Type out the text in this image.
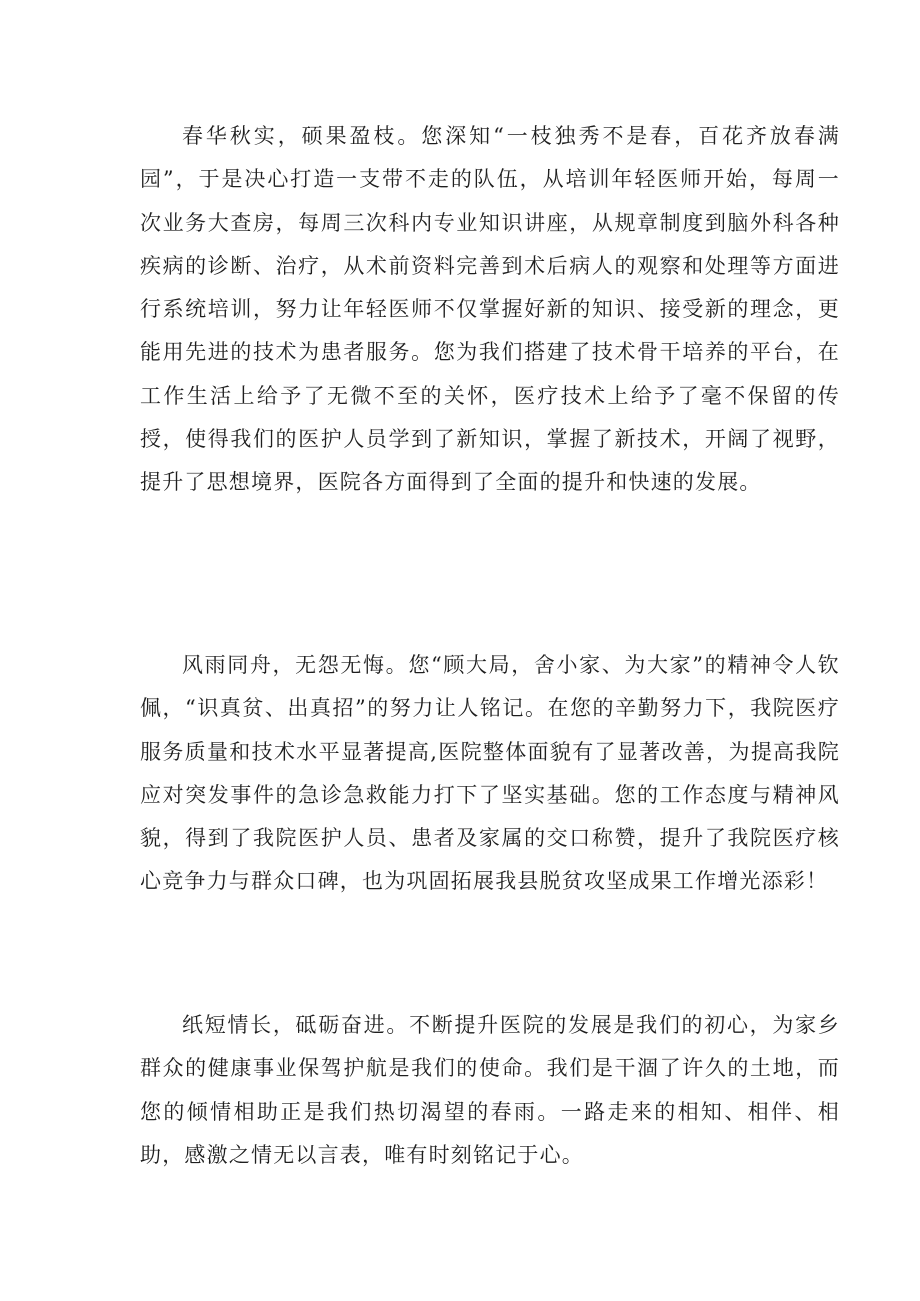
春华秋实，硕果盈枝。您深知“一枝独秀不是春，百花齐放春满园”，于是决心打造一支带不走的队伍，从培训年轻医师开始，每周一次业务大查房，每周三次科内专业知识讲座，从规章制度到脑外科各种疾病的诊断、治疗，从术前资料完善到术后病人的观察和处理等方面进行系统培训，努力让年轻医师不仅掌握好新的知识、接受新的理念，更能用先进的技术为患者服务。您为我们搭建了技术骨干培养的平台，在工作生活上给予了无微不至的关怀，医疗技术上给予了毫不保留的传授，使得我们的医护人员学到了新知识，掌握了新技术，开阔了视野，提升了思想境界，医院各方面得到了全面的提升和快速的发展。

风雨同舟，无怨无悔。您“顾大局，舍小家、为大家”的精神令人钦佩，“识真贫、出真招”的努力让人铭记。在您的辛勤努力下，我院医疗服务质量和技术水平显著提高,医院整体面貌有了显著改善，为提高我院应对突发事件的急诊急救能力打下了坚实基础。您的工作态度与精神风貌，得到了我院医护人员、患者及家属的交口称赞，提升了我院医疗核心竞争力与群众口碑，也为巩固拓展我县脱贫攻坚成果工作增光添彩！

纸短情长，砥砺奋进。不断提升医院的发展是我们的初心，为家乡群众的健康事业保驾护航是我们的使命。我们是干涸了许久的土地，而您的倾情相助正是我们热切渴望的春雨。一路走来的相知、相伴、相助，感激之情无以言表，唯有时刻铭记于心。
